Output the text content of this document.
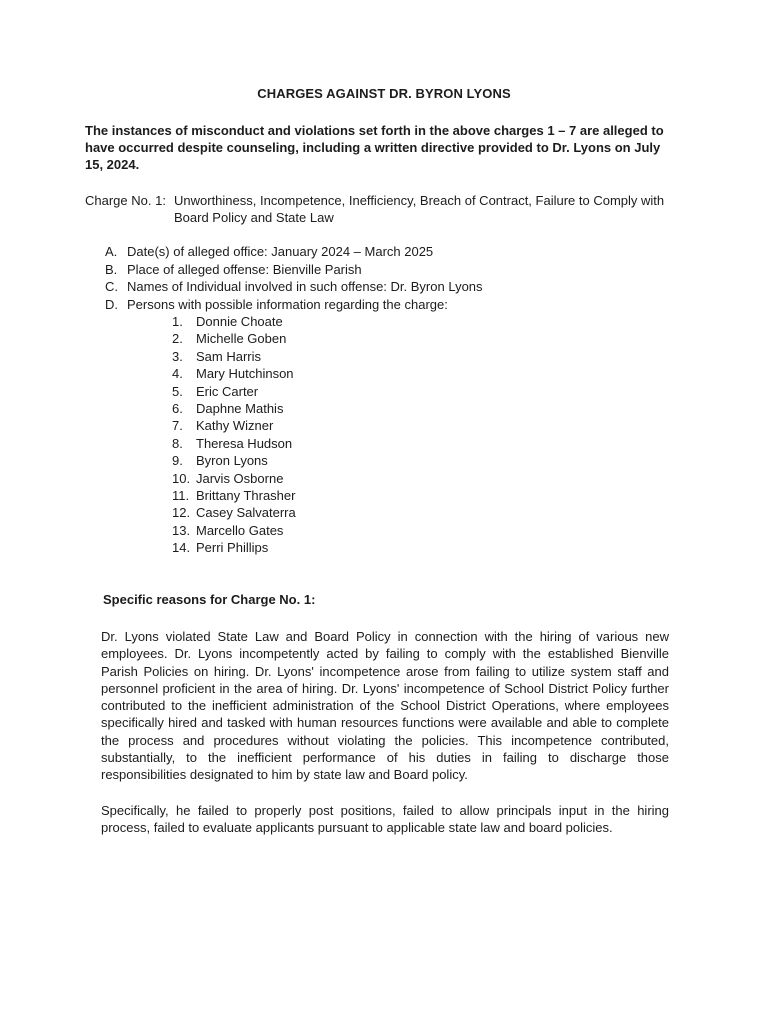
CHARGES AGAINST DR. BYRON LYONS
The instances of misconduct and violations set forth in the above charges 1 – 7 are alleged to have occurred despite counseling, including a written directive provided to Dr. Lyons on July 15, 2024.
Charge No. 1: Unworthiness, Incompetence, Inefficiency, Breach of Contract, Failure to Comply with Board Policy and State Law
A. Date(s) of alleged office: January 2024 – March 2025
B. Place of alleged offense: Bienville Parish
C. Names of Individual involved in such offense: Dr. Byron Lyons
D. Persons with possible information regarding the charge:
1.	Donnie Choate
2.	Michelle Goben
3.	Sam Harris
4.	Mary Hutchinson
5.	Eric Carter
6.	Daphne Mathis
7.	Kathy Wizner
8.	Theresa Hudson
9.	Byron Lyons
10. Jarvis Osborne
11. Brittany Thrasher
12. Casey Salvaterra
13. Marcello Gates
14. Perri Phillips
Specific reasons for Charge No. 1:
Dr. Lyons violated State Law and Board Policy in connection with the hiring of various new employees. Dr. Lyons incompetently acted by failing to comply with the established Bienville Parish Policies on hiring. Dr. Lyons' incompetence arose from failing to utilize system staff and personnel proficient in the area of hiring. Dr. Lyons' incompetence of School District Policy further contributed to the inefficient administration of the School District Operations, where employees specifically hired and tasked with human resources functions were available and able to complete the process and procedures without violating the policies. This incompetence contributed, substantially, to the inefficient performance of his duties in failing to discharge those responsibilities designated to him by state law and Board policy.
Specifically, he failed to properly post positions, failed to allow principals input in the hiring process, failed to evaluate applicants pursuant to applicable state law and board policies.
